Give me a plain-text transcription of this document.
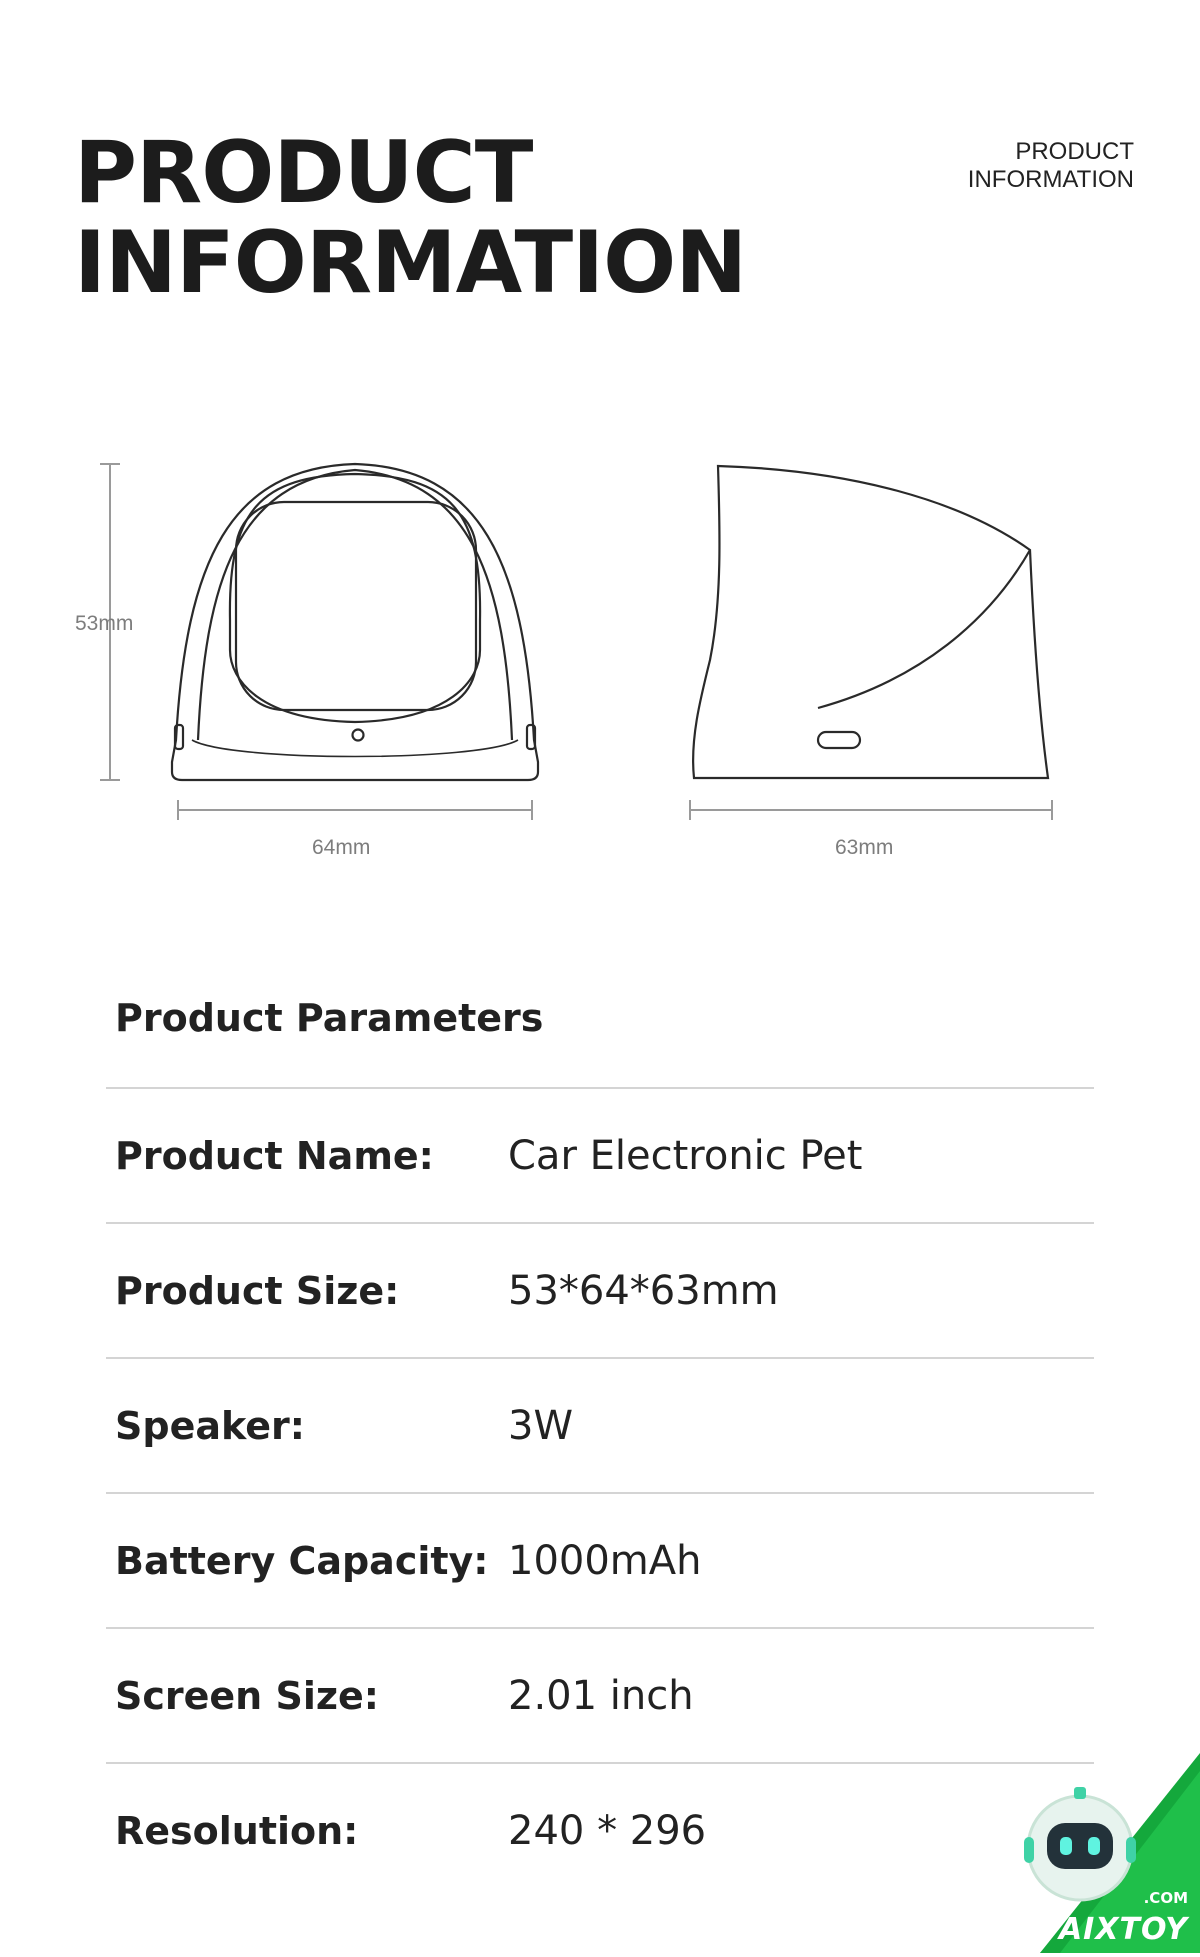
PRODUCT
INFORMATION
PRODUCT
INFORMATION
53mm
64mm	63mm
Product Parameters
Product Name:	Car Electronic Pet
Product Size:	53*64*63mm
Speaker:	3W
Battery Capacity: 1000mAh
Screen Size:	2.01 inch
Resolution:	240 * 296
.COM
AIXTOY
